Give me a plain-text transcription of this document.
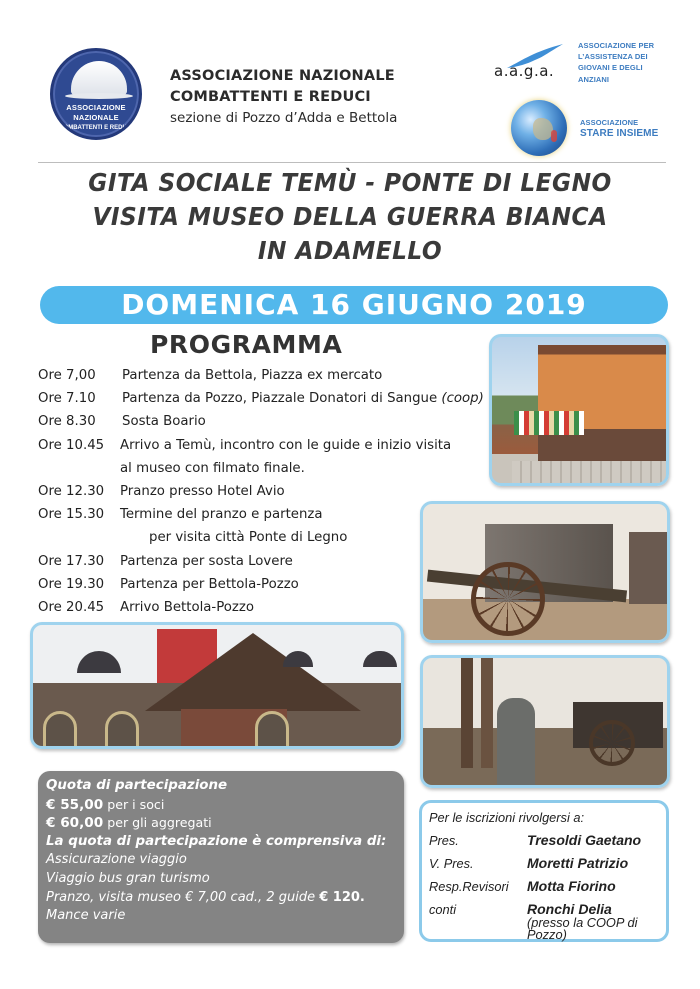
ASSOCIAZIONE
NAZIONALE
COMBATTENTI E REDUCI
ASSOCIAZIONE NAZIONALE
COMBATTENTI E REDUCI
sezione di Pozzo d’Adda e Bettola
a.a.g.a.
ASSOCIAZIONE PER
L’ASSISTENZA DEI
GIOVANI E DEGLI
ANZIANI
ASSOCIAZIONE
STARE INSIEME
GITA SOCIALE TEMÙ - PONTE DI LEGNO
VISITA MUSEO DELLA GUERRA BIANCA
IN ADAMELLO
DOMENICA 16 GIUGNO 2019
PROGRAMMA
Ore 7,00	Partenza da Bettola, Piazza ex mercato
Ore 7.10	Partenza da Pozzo, Piazzale Donatori di Sangue (coop)
Ore 8.30	Sosta Boario
Ore 10.45	Arrivo a Temù, incontro con le guide e inizio visita
al museo con filmato finale.
Ore 12.30	Pranzo presso Hotel Avio
Ore 15.30	Termine del pranzo e partenza
per visita città Ponte di Legno
Ore 17.30	Partenza per sosta Lovere
Ore 19.30	Partenza per Bettola-Pozzo
Ore 20.45	Arrivo Bettola-Pozzo
Quota di partecipazione
€ 55,00 per i soci
€ 60,00 per gli aggregati
La quota di partecipazione è comprensiva di:
Assicurazione viaggio
Viaggio bus gran turismo
Pranzo, visita museo € 7,00 cad., 2 guide € 120.
Mance varie
Per le iscrizioni rivolgersi a:
Pres.	Tresoldi Gaetano
V. Pres.	Moretti Patrizio
Resp.Revisori	Motta Fiorino
conti	Ronchi Delia
(presso la COOP di Pozzo)
